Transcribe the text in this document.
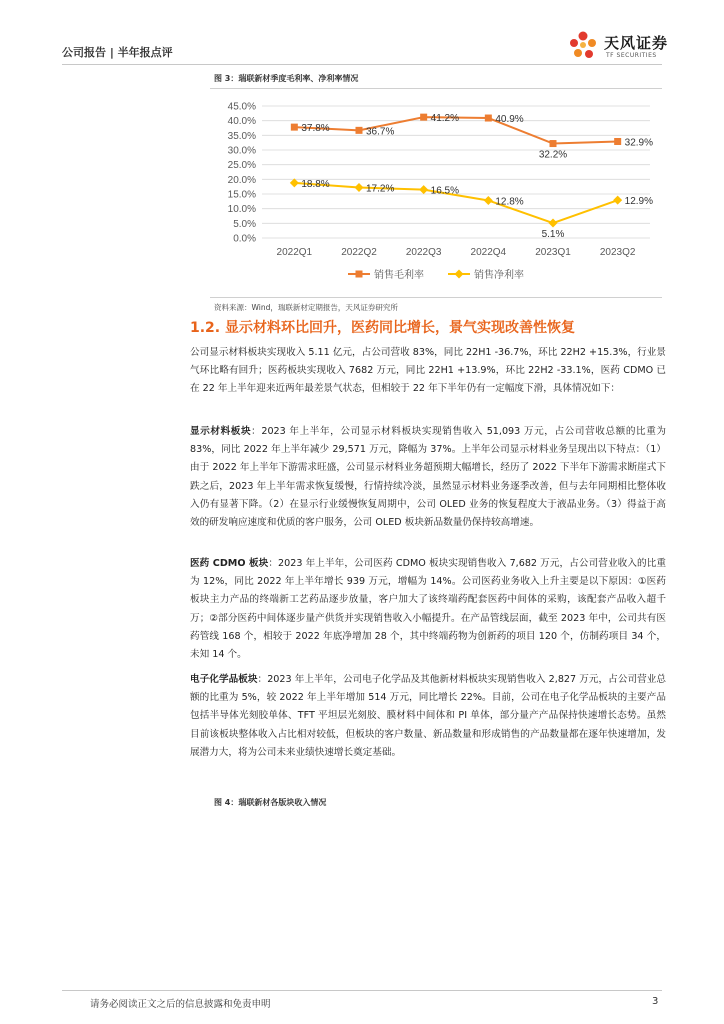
公司报告 | 半年报点评
天风证券
TF SECURITIES
图 3：瑞联新材季度毛利率、净利率情况
0.0%
5.0%
10.0%
15.0%
20.0%
25.0%
30.0%
35.0%
40.0%
45.0%
2022Q1	2022Q2	2022Q3	2022Q4	2023Q1	2023Q2
37.8%	36.7%
41.2%	40.9%
32.2%
32.9%
18.8%	17.2%	16.5%
12.8%
5.1%
12.9%
销售毛利率	销售净利率
资料来源：Wind，瑞联新材定期报告，天风证券研究所
1.2. 显示材料环比回升，医药同比增长，景气实现改善性恢复

公司显示材料板块实现收入 5.11 亿元，占公司营收 83%，同比 22H1 -36.7%，环比 22H2 +15.3%，行业景气环比略有回升；医药板块实现收入 7682 万元，同比 22H1 +13.9%，环比 22H2 -33.1%，医药 CDMO 已在 22 年上半年迎来近两年最差景气状态，但相较于 22 年下半年仍有一定幅度下滑，具体情况如下：

显示材料板块：2023 年上半年，公司显示材料板块实现销售收入 51,093 万元，占公司营收总额的比重为 83%，同比 2022 年上半年减少 29,571 万元，降幅为 37%。上半年公司显示材料业务呈现出以下特点：（1）由于 2022 年上半年下游需求旺盛，公司显示材料业务超预期大幅增长，经历了 2022 下半年下游需求断崖式下跌之后，2023 年上半年需求恢复缓慢，行情持续冷淡，虽然显示材料业务逐季改善，但与去年同期相比整体收入仍有显著下降。（2）在显示行业缓慢恢复周期中，公司 OLED 业务的恢复程度大于液晶业务。（3）得益于高效的研发响应速度和优质的客户服务，公司 OLED 板块新品数量仍保持较高增速。

医药 CDMO 板块：2023 年上半年，公司医药 CDMO 板块实现销售收入 7,682 万元，占公司营业收入的比重为 12%，同比 2022 年上半年增长 939 万元，增幅为 14%。公司医药业务收入上升主要是以下原因：①医药板块主力产品的终端新工艺药品逐步放量，客户加大了该终端药配套医药中间体的采购，该配套产品收入超千万；②部分医药中间体逐步量产供货并实现销售收入小幅提升。在产品管线层面，截至 2023 年中，公司共有医药管线 168 个，相较于 2022 年底净增加 28 个，其中终端药物为创新药的项目 120 个，仿制药项目 34 个，未知 14 个。

电子化学品板块：2023 年上半年，公司电子化学品及其他新材料板块实现销售收入 2,827 万元，占公司营业总额的比重为 5%，较 2022 年上半年增加 514 万元，同比增长 22%。目前，公司在电子化学品板块的主要产品包括半导体光刻胶单体、TFT 平坦层光刻胶、膜材料中间体和 PI 单体，部分量产产品保持快速增长态势。虽然目前该板块整体收入占比相对较低，但板块的客户数量、新品数量和形成销售的产品数量都在逐年快速增加，发展潜力大，将为公司未来业绩快速增长奠定基础。

图 4：瑞联新材各版块收入情况
请务必阅读正文之后的信息披露和免责申明	3
